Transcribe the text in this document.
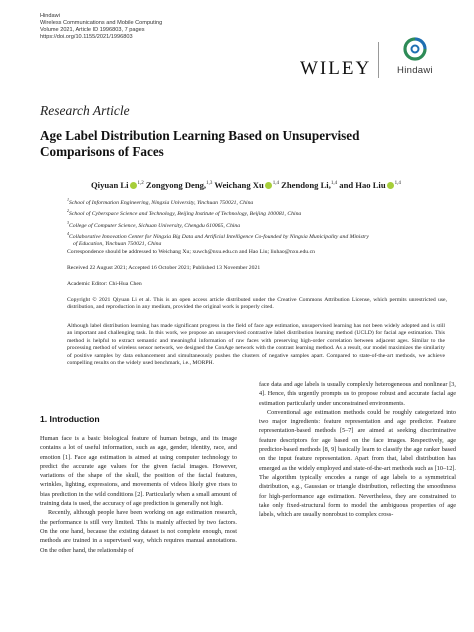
Hindawi
Wireless Communications and Mobile Computing
Volume 2021, Article ID 1996803, 7 pages
https://doi.org/10.1155/2021/1996803
WILEY	Hindawi
Research Article
Age Label Distribution Learning Based on Unsupervised
Comparisons of Faces
Qiyuan Li $^{1,2}$ Zongyong Deng,$^{1,3}$ Weichang Xu $^{1,4}$ Zhendong Li,$^{1,4}$ and Hao Liu $^{1,4}$
$^1$School of Information Engineering, Ningxia University, Yinchuan 750021, China
$^2$School of Cyberspace Science and Technology, Beijing Institute of Technology, Beijing 100081, China
$^3$College of Computer Science, Sichuan University, Chengdu 610065, China
$^4$Collaborative Innovation Center for Ningxia Big Data and Artificial Intelligence Co-founded by Ningxia Municipality and Ministry
of Education, Yinchuan 750021, China
Correspondence should be addressed to Weichang Xu; xuwch@nxu.edu.cn and Hao Liu; liuhao@nxu.edu.cn
Received 22 August 2021; Accepted 16 October 2021; Published 13 November 2021
Academic Editor: Chi-Hua Chen
Copyright © 2021 Qiyuan Li et al. This is an open access article distributed under the Creative Commons Attribution License, which permits unrestricted use, distribution, and reproduction in any medium, provided the original work is properly cited.
Although label distribution learning has made significant progress in the field of face age estimation, unsupervised learning has not been widely adopted and is still an important and challenging task. In this work, we propose an unsupervised contrastive label distribution learning method (UCLD) for facial age estimation. This method is helpful to extract semantic and meaningful information of raw faces with preserving high-order correlation between adjacent ages. Similar to the processing method of wireless sensor network, we designed the ConAge network with the contrast learning method. As a result, our model maximizes the similarity of positive samples by data enhancement and simultaneously pushes the clusters of negative samples apart. Compared to state-of-the-art methods, we achieve compelling results on the widely used benchmark, i.e., MORPH.
1. Introduction

Human face is a basic biological feature of human beings, and its image contains a lot of useful information, such as age, gender, identity, race, and emotion [1]. Face age estimation is aimed at using computer technology to predict the accurate age values for the given facial images. However, variations of the shape of the skull, the position of the facial features, wrinkles, lighting, expressions, and movements of videos likely give rises to bias prediction in the wild conditions [2]. Particularly when a small amount of training data is used, the accuracy of age prediction is generally not high.

Recently, although people have been working on age estimation research, the performance is still very limited. This is mainly affected by two factors. On the one hand, because the existing dataset is not complete enough, most methods are trained in a supervised way, which requires manual annotations. On the other hand, the relationship of

face data and age labels is usually complexly heterogeneous and nonlinear [3, 4]. Hence, this urgently prompts us to propose robust and accurate facial age estimation particularly under unconstrained environments.

Conventional age estimation methods could be roughly categorized into two major ingredients: feature representation and age predictor. Feature representation-based methods [5–7] are aimed at seeking discriminative feature descriptors for age based on the face images. Respectively, age predictor-based methods [8, 9] basically learn to classify the age ranker based on the input feature representation. Apart from that, label distribution has emerged as the widely employed and state-of-the-art methods such as [10–12]. The algorithm typically encodes a range of age labels to a symmetrical distribution, e.g., Gaussian or triangle distribution, reflecting the smoothness for high-performance age estimation. Nevertheless, they are constrained to take only fixed-structural form to model the ambiguous properties of age labels, which are usually nonrobust to complex cross-
